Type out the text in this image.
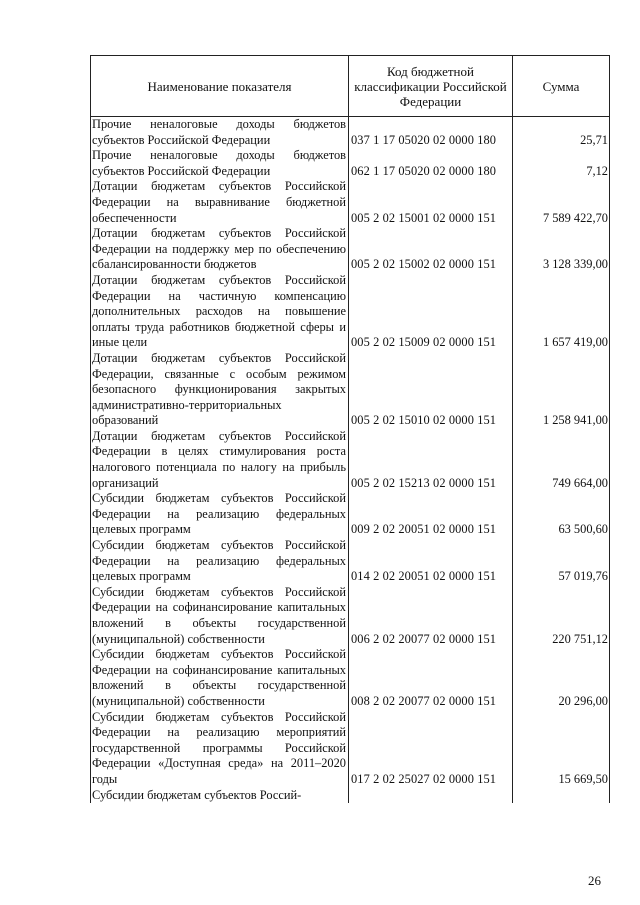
Наименование показателя	Код бюджетной классификации Российской Федерации	Сумма
Прочие неналоговые доходы бюджетов субъектов Российской Федерации	037 1 17 05020 02 0000 180	25,71
Прочие неналоговые доходы бюджетов субъектов Российской Федерации	062 1 17 05020 02 0000 180	7,12
Дотации бюджетам субъектов Российской Федерации на выравнивание бюджетной обеспеченности	005 2 02 15001 02 0000 151	7 589 422,70
Дотации бюджетам субъектов Российской Федерации на поддержку мер по обеспечению сбалансированности бюджетов	005 2 02 15002 02 0000 151	3 128 339,00
Дотации бюджетам субъектов Российской Федерации на частичную компенсацию дополнительных расходов на повышение оплаты труда работников бюджетной сферы и иные цели	005 2 02 15009 02 0000 151	1 657 419,00
Дотации бюджетам субъектов Российской Федерации, связанные с особым режимом безопасного функционирования закрытых административно-территориальных образований	005 2 02 15010 02 0000 151	1 258 941,00
Дотации бюджетам субъектов Российской Федерации в целях стимулирования роста налогового потенциала по налогу на прибыль организаций	005 2 02 15213 02 0000 151	749 664,00
Субсидии бюджетам субъектов Российской Федерации на реализацию федеральных целевых программ	009 2 02 20051 02 0000 151	63 500,60
Субсидии бюджетам субъектов Российской Федерации на реализацию федеральных целевых программ	014 2 02 20051 02 0000 151	57 019,76
Субсидии бюджетам субъектов Российской Федерации на софинансирование капитальных вложений в объекты государственной (муниципальной) собственности	006 2 02 20077 02 0000 151	220 751,12
Субсидии бюджетам субъектов Российской Федерации на софинансирование капитальных вложений в объекты государственной (муниципальной) собственности	008 2 02 20077 02 0000 151	20 296,00
Субсидии бюджетам субъектов Российской Федерации на реализацию мероприятий государственной программы Российской Федерации «Доступная среда» на 2011–2020 годы	017 2 02 25027 02 0000 151	15 669,50
Субсидии бюджетам субъектов Россий-		
26
